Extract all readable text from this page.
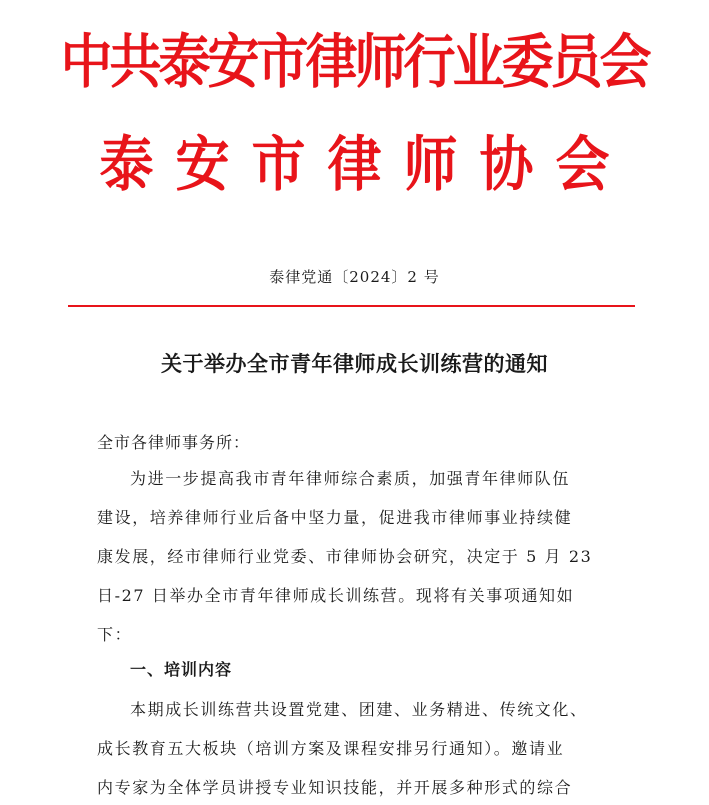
中共泰安市律师行业委员会
泰安市律师协会
泰律党通〔2024〕2 号
关于举办全市青年律师成长训练营的通知
全市各律师事务所：
为进一步提高我市青年律师综合素质，加强青年律师队伍
建设，培养律师行业后备中坚力量，促进我市律师事业持续健
康发展，经市律师行业党委、市律师协会研究，决定于 5 月 23
日-27 日举办全市青年律师成长训练营。现将有关事项通知如
下：
一、培训内容
本期成长训练营共设置党建、团建、业务精进、传统文化、
成长教育五大板块（培训方案及课程安排另行通知）。邀请业
内专家为全体学员讲授专业知识技能，并开展多种形式的综合
